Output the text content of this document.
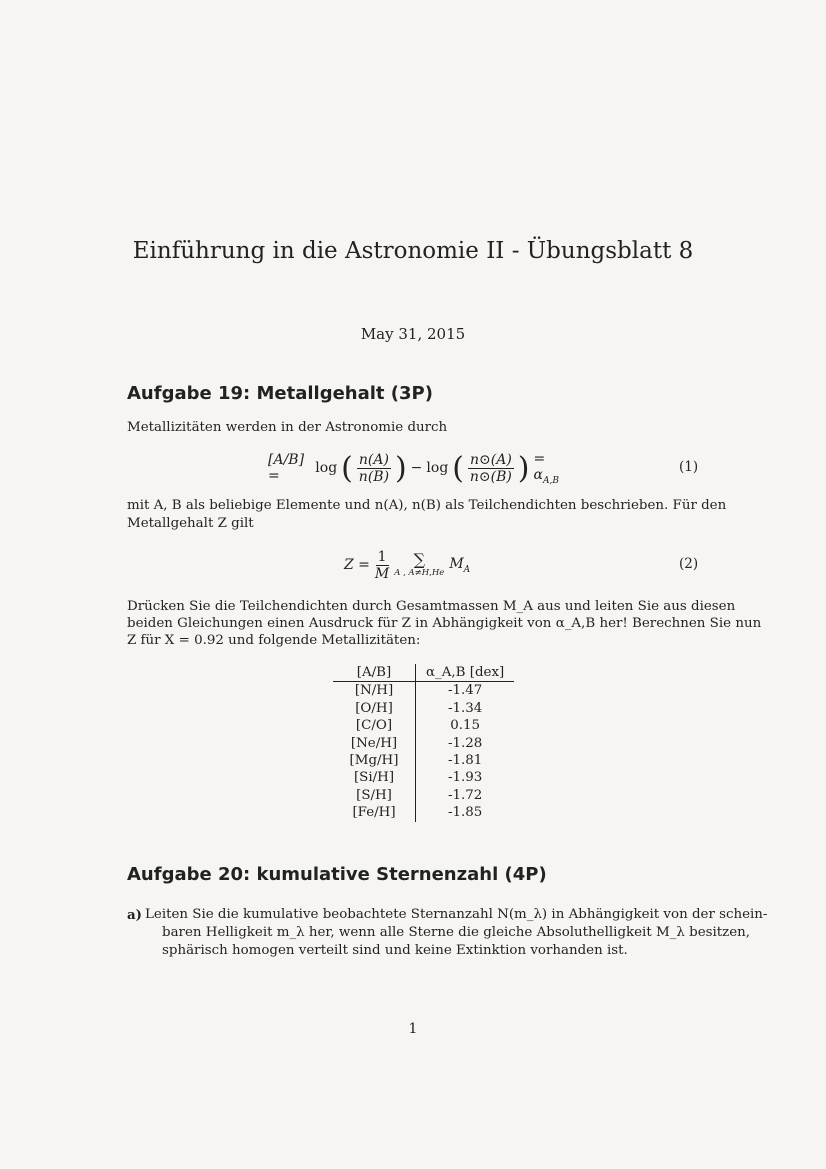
Einführung in die Astronomie II - Übungsblatt 8
May 31, 2015
Aufgabe 19: Metallgehalt (3P)
Metallizitäten werden in der Astronomie durch
[A/B] =	log ( $\frac{n(A)}{n(B)}$ ) − log ( $\frac{n⊙(A)}{n⊙(B)}$ ) = $\alpha_{A,B}$
(1)
mit A, B als beliebige Elemente und n(A), n(B) als Teilchendichten beschrieben. Für den
Metallgehalt Z gilt
$Z = \frac{1}{M}$ ∑
A , A≠H,He
$M_A$	(2)
Drücken Sie die Teilchendichten durch Gesamtmassen M_A aus und leiten Sie aus diesen
beiden Gleichungen einen Ausdruck für Z in Abhängigkeit von α_A,B her! Berechnen Sie nun
Z für X = 0.92 und folgende Metallizitäten:
[A/B]	α_A,B [dex]
[N/H]	-1.47
[O/H]	-1.34
[C/O]	0.15
[Ne/H]	-1.28
[Mg/H]	-1.81
[Si/H]	-1.93
[S/H]	-1.72
[Fe/H]	-1.85
Aufgabe 20: kumulative Sternenzahl (4P)
a) Leiten Sie die kumulative beobachtete Sternanzahl N(m_λ) in Abhängigkeit von der schein-
baren Helligkeit m_λ her, wenn alle Sterne die gleiche Absoluthelligkeit M_λ besitzen,
sphärisch homogen verteilt sind und keine Extinktion vorhanden ist.
1
